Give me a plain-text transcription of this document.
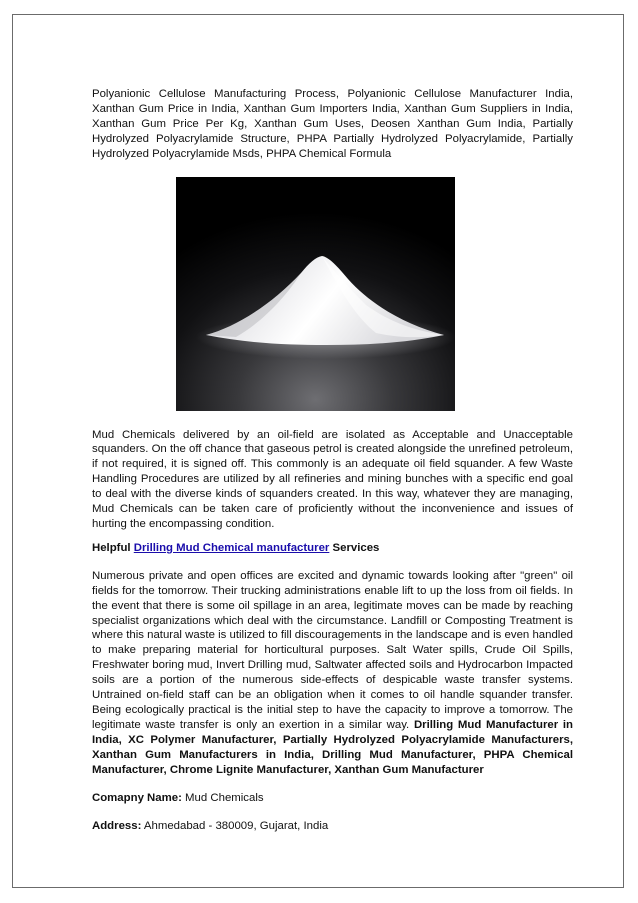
Polyanionic Cellulose Manufacturing Process, Polyanionic Cellulose Manufacturer India, Xanthan Gum Price in India, Xanthan Gum Importers India, Xanthan Gum Suppliers in India, Xanthan Gum Price Per Kg, Xanthan Gum Uses, Deosen Xanthan Gum India, Partially Hydrolyzed Polyacrylamide Structure, PHPA Partially Hydrolyzed Polyacrylamide, Partially Hydrolyzed Polyacrylamide Msds, PHPA Chemical Formula

Mud Chemicals delivered by an oil-field are isolated as Acceptable and Unacceptable squanders. On the off chance that gaseous petrol is created alongside the unrefined petroleum, if not required, it is signed off. This commonly is an adequate oil field squander. A few Waste Handling Procedures are utilized by all refineries and mining bunches with a specific end goal to deal with the diverse kinds of squanders created. In this way, whatever they are managing, Mud Chemicals can be taken care of proficiently without the inconvenience and issues of hurting the encompassing condition.

Helpful Drilling Mud Chemical manufacturer Services

Numerous private and open offices are excited and dynamic towards looking after "green" oil fields for the tomorrow. Their trucking administrations enable lift to up the loss from oil fields. In the event that there is some oil spillage in an area, legitimate moves can be made by reaching specialist organizations which deal with the circumstance. Landfill or Composting Treatment is where this natural waste is utilized to fill discouragements in the landscape and is even handled to make preparing material for horticultural purposes. Salt Water spills, Crude Oil Spills, Freshwater boring mud, Invert Drilling mud, Saltwater affected soils and Hydrocarbon Impacted soils are a portion of the numerous side-effects of despicable waste transfer systems. Untrained on-field staff can be an obligation when it comes to oil handle squander transfer. Being ecologically practical is the initial step to have the capacity to improve a tomorrow. The legitimate waste transfer is only an exertion in a similar way. Drilling Mud Manufacturer in India, XC Polymer Manufacturer, Partially Hydrolyzed Polyacrylamide Manufacturers, Xanthan Gum Manufacturers in India, Drilling Mud Manufacturer, PHPA Chemical Manufacturer, Chrome Lignite Manufacturer, Xanthan Gum Manufacturer

Comapny Name: Mud Chemicals

Address: Ahmedabad - 380009, Gujarat, India
